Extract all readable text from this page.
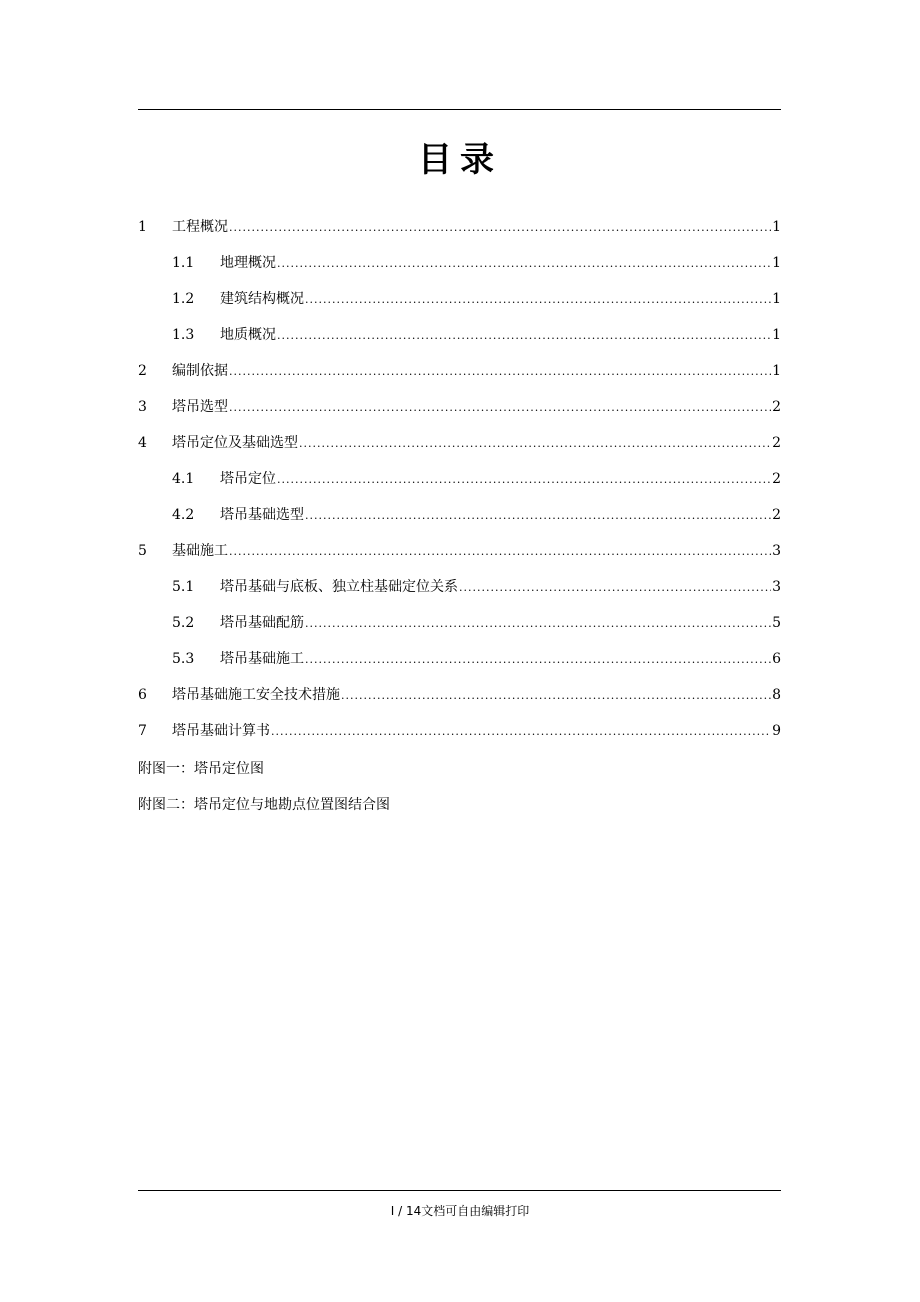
目录
1	工程概况 .....	1
1.1	地理概况 .....	1
1.2	建筑结构概况 .....	1
1.3	地质概况 .....	1
2	编制依据 .....	1
3	塔吊选型 .....	2
4	塔吊定位及基础选型 .....	2
4.1	塔吊定位 .....	2
4.2	塔吊基础选型 .....	2
5	基础施工 .....	3
5.1	塔吊基础与底板、独立柱基础定位关系 .....	3
5.2	塔吊基础配筋 .....	5
5.3	塔吊基础施工 .....	6
6	塔吊基础施工安全技术措施 .....	8
7	塔吊基础计算书 .....	9
附图一：塔吊定位图
附图二：塔吊定位与地勘点位置图结合图
I / 14文档可自由编辑打印
